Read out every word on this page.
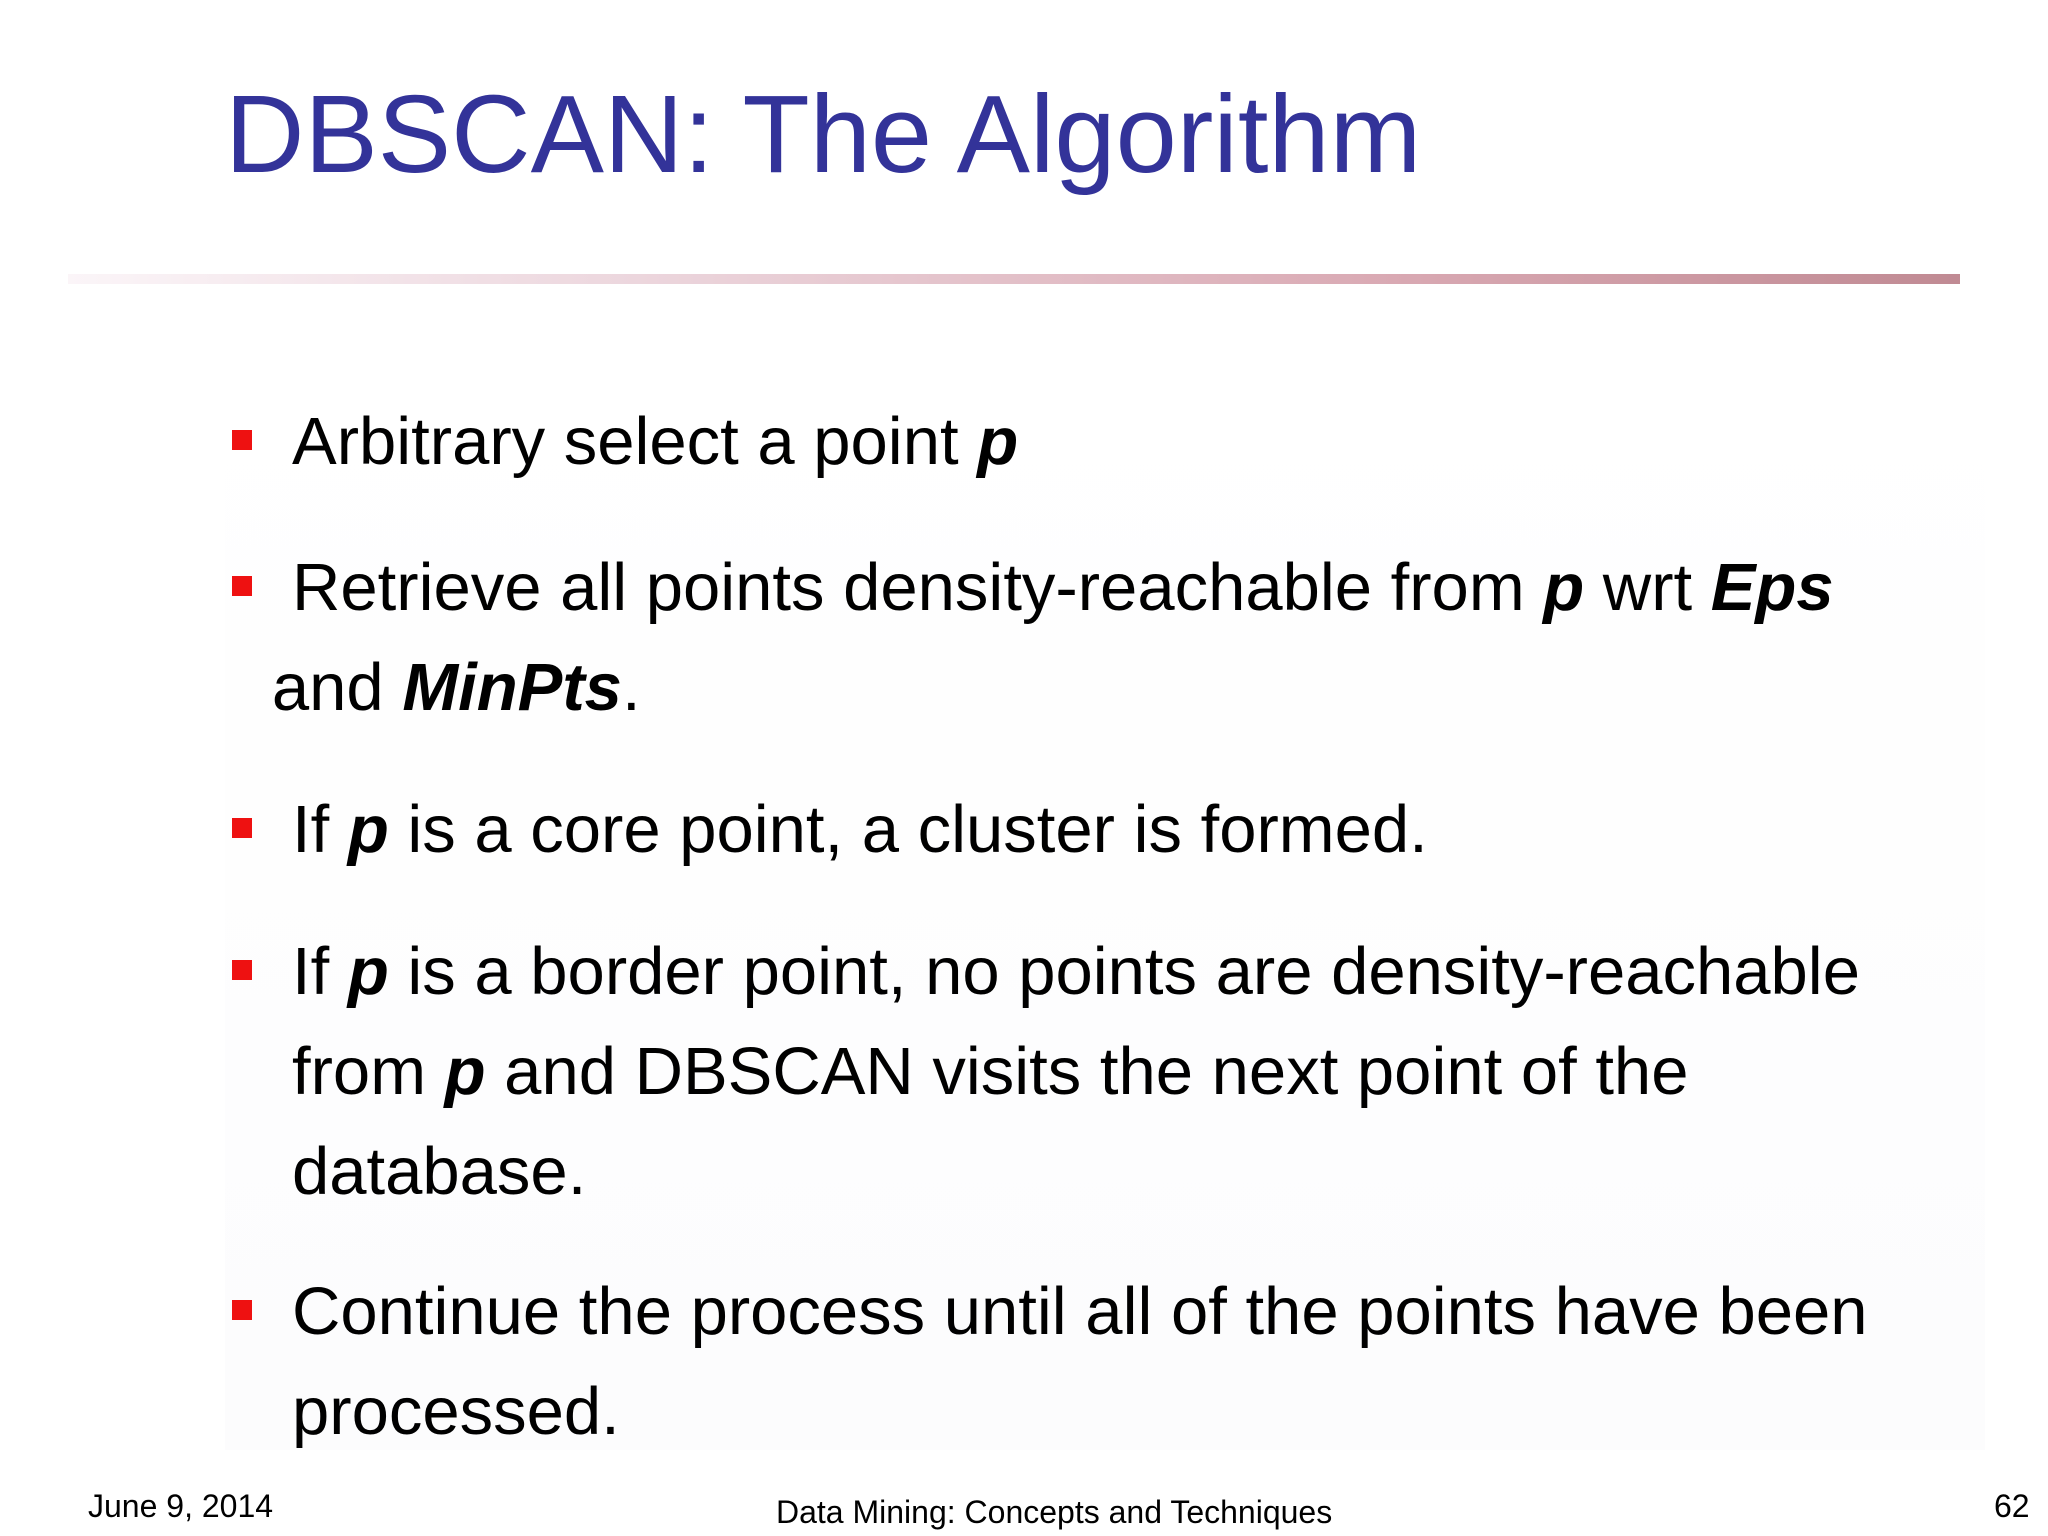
DBSCAN: The Algorithm
Arbitrary select a point p
Retrieve all points density-reachable from p wrt Eps
and MinPts.
If p is a core point, a cluster is formed.
If p is a border point, no points are density-reachable from p and DBSCAN visits the next point of the database.
Continue the process until all of the points have been processed.
June 9, 2014	Data Mining: Concepts and Techniques	62
